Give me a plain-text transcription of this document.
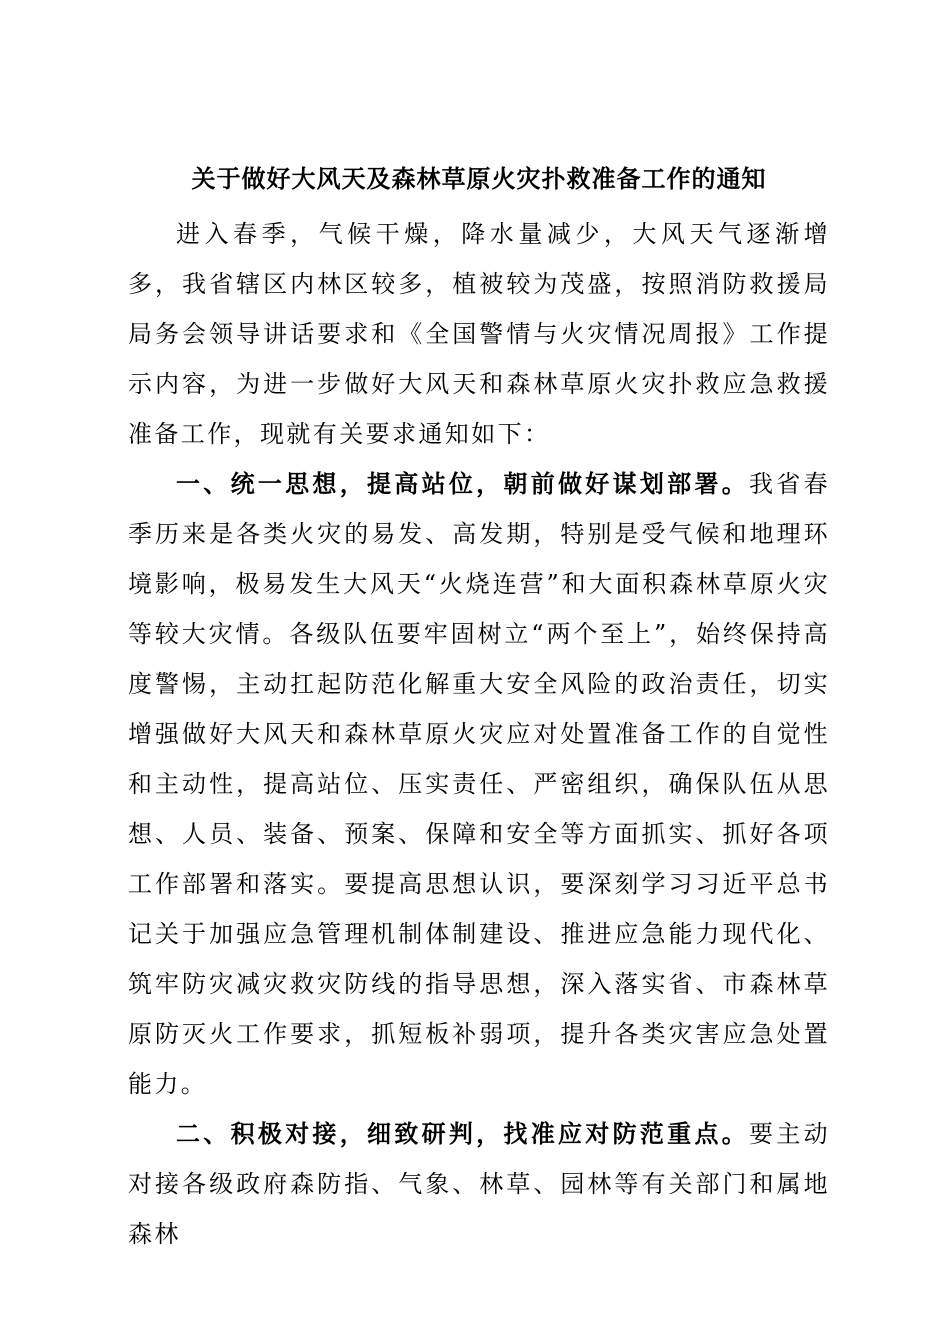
关于做好大风天及森林草原火灾扑救准备工作的通知

进入春季，气候干燥，降水量减少，大风天气逐渐增多，我省辖区内林区较多，植被较为茂盛，按照消防救援局局务会领导讲话要求和《全国警情与火灾情况周报》工作提示内容，为进一步做好大风天和森林草原火灾扑救应急救援准备工作，现就有关要求通知如下：

一、统一思想，提高站位，朝前做好谋划部署。我省春季历来是各类火灾的易发、高发期，特别是受气候和地理环境影响，极易发生大风天“火烧连营”和大面积森林草原火灾等较大灾情。各级队伍要牢固树立“两个至上”，始终保持高度警惕，主动扛起防范化解重大安全风险的政治责任，切实增强做好大风天和森林草原火灾应对处置准备工作的自觉性和主动性，提高站位、压实责任、严密组织，确保队伍从思想、人员、装备、预案、保障和安全等方面抓实、抓好各项工作部署和落实。要提高思想认识，要深刻学习习近平总书记关于加强应急管理机制体制建设、推进应急能力现代化、筑牢防灾减灾救灾防线的指导思想，深入落实省、市森林草原防灭火工作要求，抓短板补弱项，提升各类灾害应急处置能力。

二、积极对接，细致研判，找准应对防范重点。要主动对接各级政府森防指、气象、林草、园林等有关部门和属地森林
